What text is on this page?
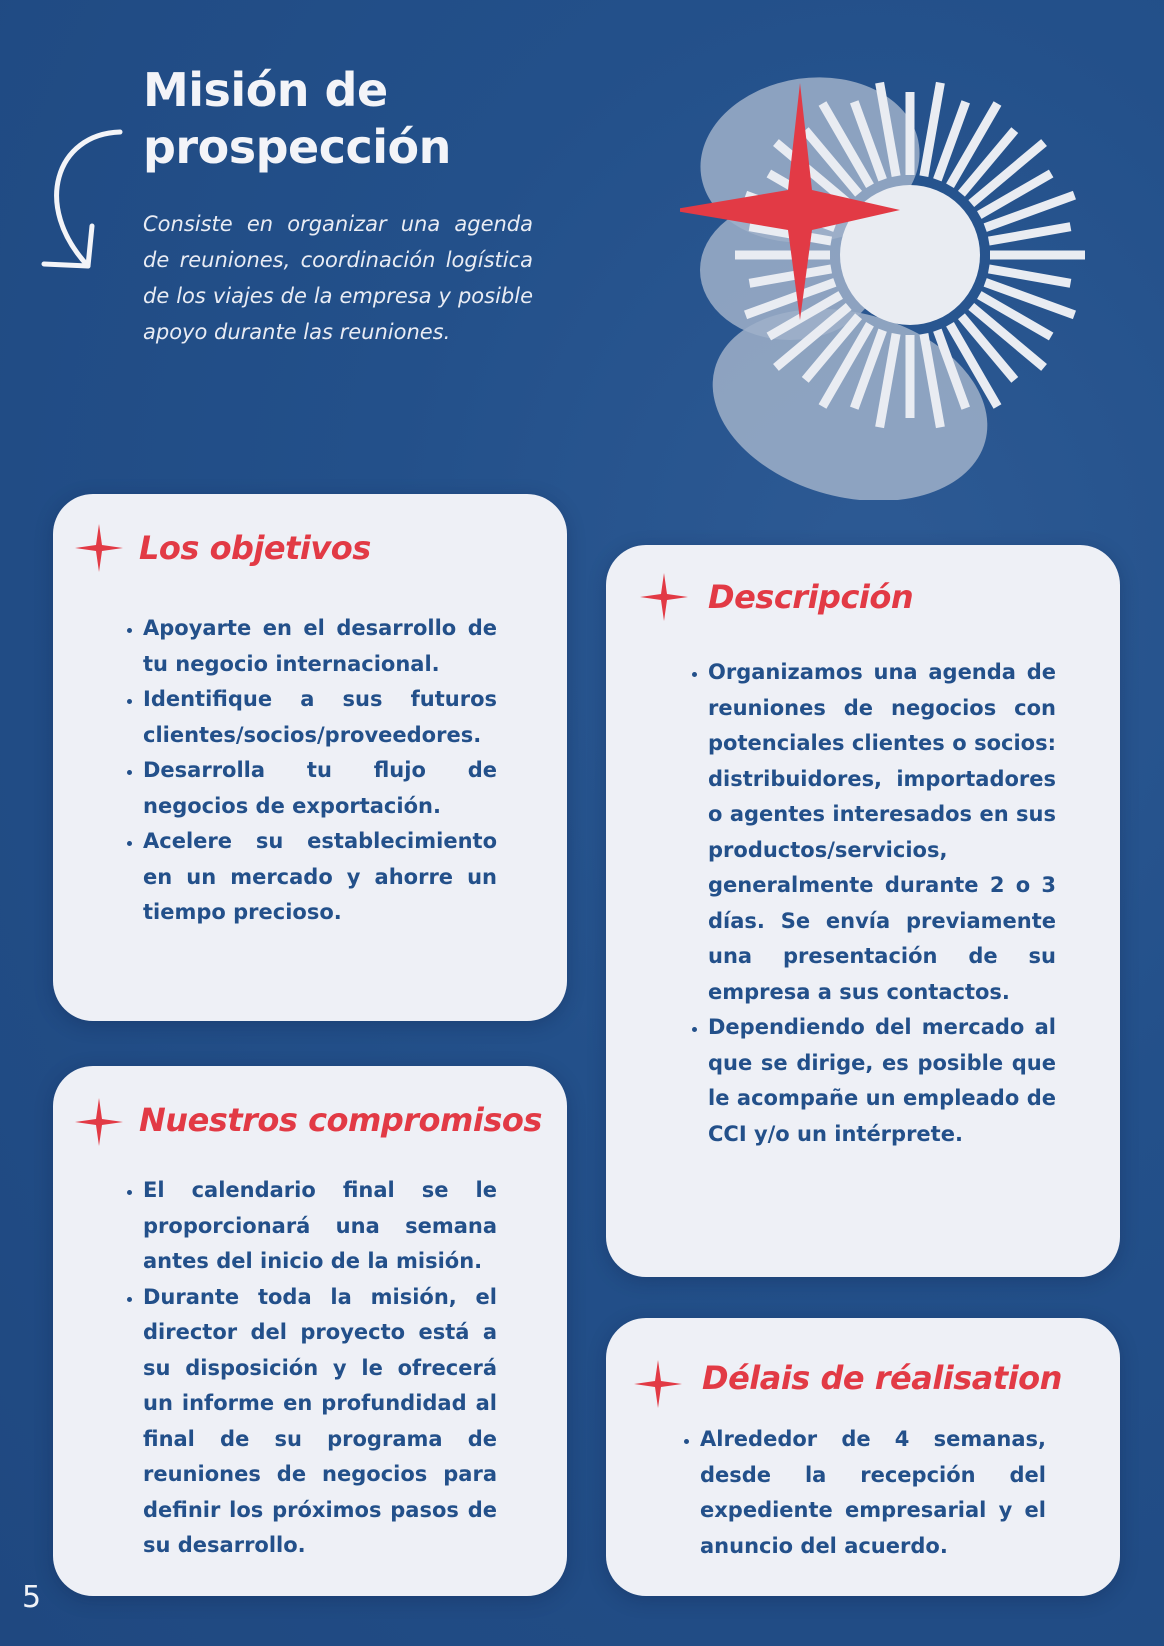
Misión de
prospección

Consiste en organizar una agenda de reuniones, coordinación logística de los viajes de la empresa y posible apoyo durante las reuniones.

Los objetivos
• Apoyarte en el desarrollo de tu negocio internacional.
• Identifique a sus futuros clientes/socios/proveedores.
• Desarrolla tu flujo de negocios de exportación.
• Acelere su establecimiento en un mercado y ahorre un tiempo precioso.
Descripción
• Organizamos una agenda de reuniones de negocios con potenciales clientes o socios: distribuidores, importadores o agentes interesados en sus productos/servicios, generalmente durante 2 o 3 días. Se envía previamente una presentación de su empresa a sus contactos.
• Dependiendo del mercado al que se dirige, es posible que le acompañe un empleado de CCI y/o un intérprete.
Nuestros compromisos
• El calendario final se le proporcionará una semana antes del inicio de la misión.
• Durante toda la misión, el director del proyecto está a su disposición y le ofrecerá un informe en profundidad al final de su programa de reuniones de negocios para definir los próximos pasos de su desarrollo.
Délais de réalisation
• Alrededor de 4 semanas, desde la recepción del expediente empresarial y el anuncio del acuerdo.
5
